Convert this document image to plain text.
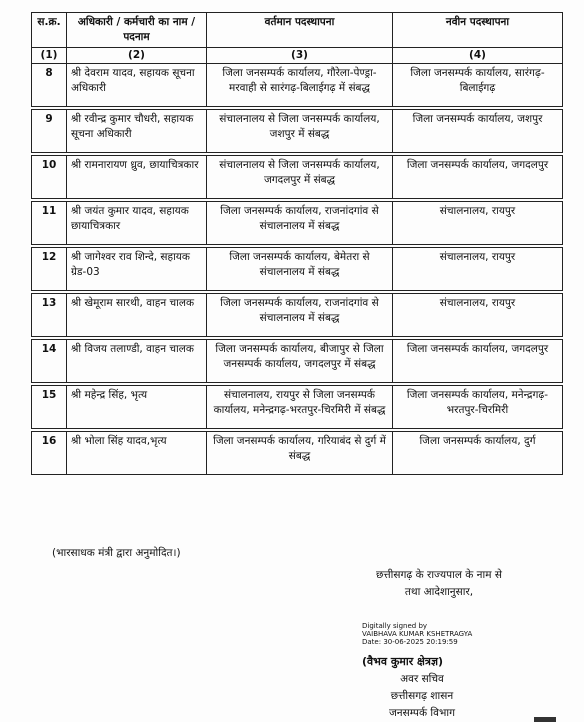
स.क्र.	अधिकारी / कर्मचारी का नाम / पदनाम	वर्तमान पदस्थापना	नवीन पदस्थापना
(1)	(2)	(3)	(4)
8	श्री देवराम यादव, सहायक सूचना अधिकारी	जिला जनसम्पर्क कार्यालय, गौरेला-पेण्ड्रा- मरवाही से सारंगढ़-बिलाईगढ़ में संबद्ध	जिला जनसम्पर्क कार्यालय, सारंगढ़-बिलाईगढ़

9	श्री रवीन्द्र कुमार चौधरी, सहायक सूचना अधिकारी	संचालनालय से जिला जनसम्पर्क कार्यालय, जशपुर में संबद्ध	जिला जनसम्पर्क कार्यालय, जशपुर

10	श्री रामनारायण ध्रुव, छायाचित्रकार	संचालनालय से जिला जनसम्पर्क कार्यालय, जगदलपुर में संबद्ध	जिला जनसम्पर्क कार्यालय, जगदलपुर

11	श्री जयंत कुमार यादव, सहायक छायाचित्रकार	जिला जनसम्पर्क कार्यालय, राजनांदगांव से संचालनालय में संबद्ध	संचालनालय, रायपुर

12	श्री जागेश्वर राव शिन्दे, सहायक ग्रेड-03	जिला जनसम्पर्क कार्यालय, बेमेतरा से संचालनालय में संबद्ध	संचालनालय, रायपुर

13	श्री खेमूराम सारथी, वाहन चालक	जिला जनसम्पर्क कार्यालय, राजनांदगांव से संचालनालय में संबद्ध	संचालनालय, रायपुर

14	श्री विजय तलाण्डी, वाहन चालक	जिला जनसम्पर्क कार्यालय, बीजापुर से जिला जनसम्पर्क कार्यालय, जगदलपुर में संबद्ध	जिला जनसम्पर्क कार्यालय, जगदलपुर

15	श्री महेन्द्र सिंह, भृत्य	संचालनालय, रायपुर से जिला जनसम्पर्क कार्यालय, मनेन्द्रगढ़-भरतपुर-चिरमिरी में संबद्ध	जिला जनसम्पर्क कार्यालय, मनेन्द्रगढ़-भरतपुर-चिरमिरी

16	श्री भोला सिंह यादव,भृत्य	जिला जनसम्पर्क कार्यालय, गरियाबंद से दुर्ग में संबद्ध	जिला जनसम्पर्क कार्यालय, दुर्ग
(भारसाधक मंत्री द्वारा अनुमोदित।)
छत्तीसगढ़ के राज्यपाल के नाम से
तथा आदेशानुसार,
Digitally signed by
VAIBHAVA KUMAR KSHETRAGYA
Date: 30-06-2025 20:19:59
(वैभव कुमार क्षेत्रज्ञ)
अवर सचिव
छत्तीसगढ़ शासन
जनसम्पर्क विभाग
